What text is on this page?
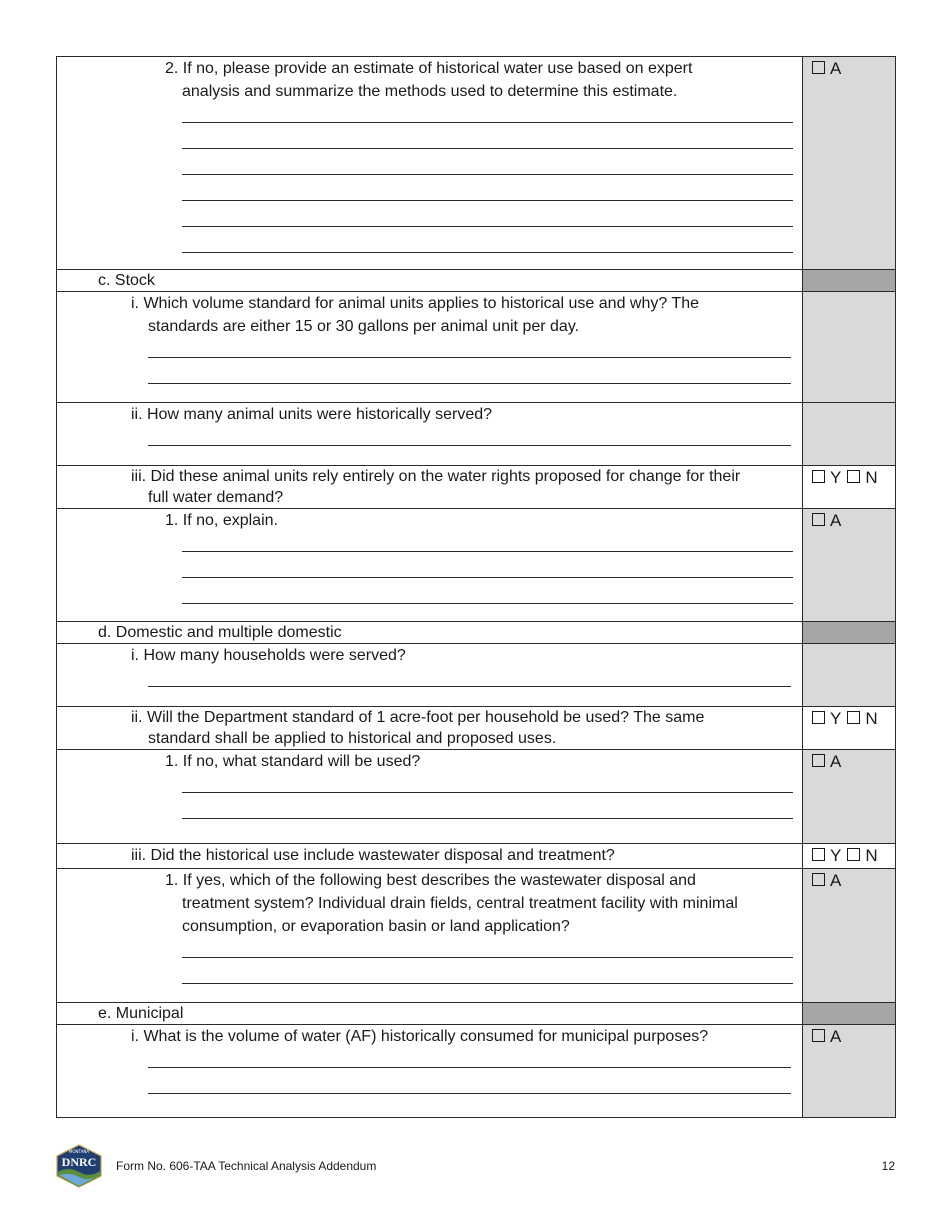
2. If no, please provide an estimate of historical water use based on expert
analysis and summarize the methods used to determine this estimate.	A

c. Stock	

i. Which volume standard for animal units applies to historical use and why? The
standards are either 15 or 30 gallons per animal unit per day.	

ii. How many animal units were historically served?	

iii. Did these animal units rely entirely on the water rights proposed for change for their
full water demand?	Y N

1. If no, explain.	A

d. Domestic and multiple domestic	

i. How many households were served?	

ii. Will the Department standard of 1 acre-foot per household be used? The same
standard shall be applied to historical and proposed uses.	Y N

1. If no, what standard will be used?	A

iii. Did the historical use include wastewater disposal and treatment?	Y N

1. If yes, which of the following best describes the wastewater disposal and
treatment system? Individual drain fields, central treatment facility with minimal
consumption, or evaporation basin or land application?	A

e. Municipal	

i. What is the volume of water (AF) historically consumed for municipal purposes?	A
MONTANA
DNRC Form No. 606-TAA Technical Analysis Addendum	12
